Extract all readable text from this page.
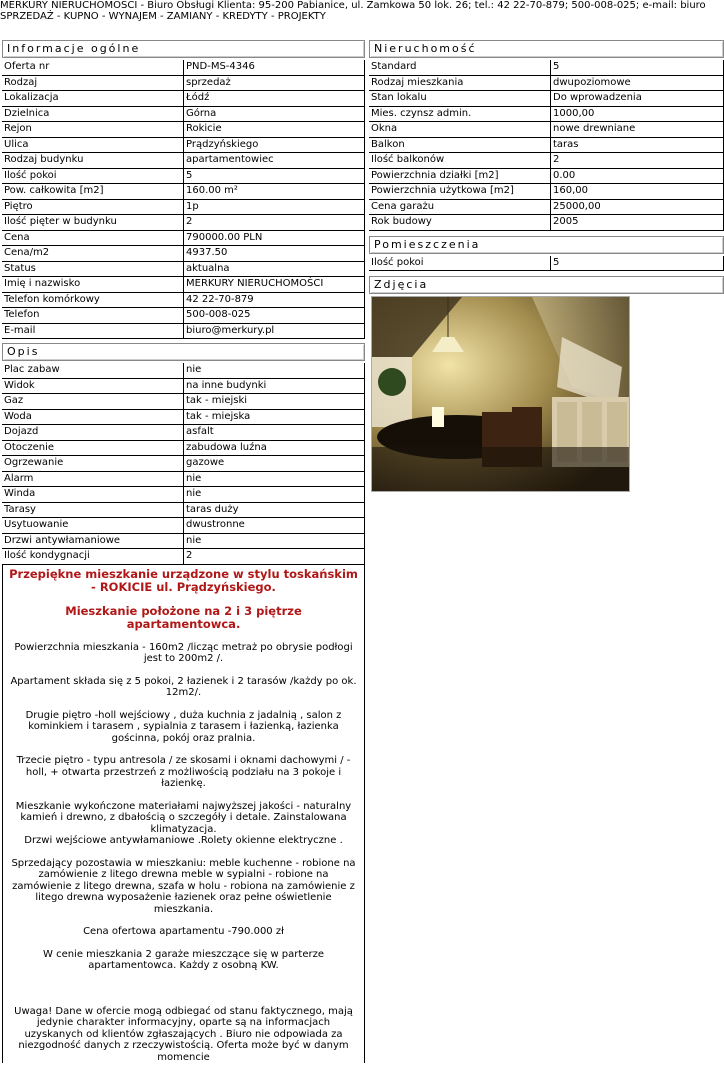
MERKURY NIERUCHOMOŚCI - Biuro Obsługi Klienta: 95-200 Pabianice, ul. Zamkowa 50 lok. 26; tel.: 42 22-70-879; 500-008-025; e-mail: biuro
SPRZEDAŻ - KUPNO - WYNAJEM - ZAMIANY - KREDYTY - PROJEKTY
Informacje ogólne
Oferta nr	PND-MS-4346
Rodzaj	sprzedaż
Lokalizacja	Łódź
Dzielnica	Górna
Rejon	Rokicie
Ulica	Prądzyńskiego
Rodzaj budynku	apartamentowiec
Ilość pokoi	5
Pow. całkowita [m2]	160.00 m²
Piętro	1p
Ilość pięter w budynku	2
Cena	790000.00 PLN
Cena/m2	4937.50
Status	aktualna
Imię i nazwisko	MERKURY NIERUCHOMOŚCI
Telefon komórkowy	42 22-70-879
Telefon	500-008-025
E-mail	biuro@merkury.pl
Opis
Plac zabaw	nie
Widok	na inne budynki
Gaz	tak - miejski
Woda	tak - miejska
Dojazd	asfalt
Otoczenie	zabudowa luźna
Ogrzewanie	gazowe
Alarm	nie
Winda	nie
Tarasy	taras duży
Usytuowanie	dwustronne
Drzwi antywłamaniowe	nie
Ilość kondygnacji	2

Przepiękne mieszkanie urządzone w stylu toskańskim - ROKICIE ul. Prądzyńskiego.

Mieszkanie położone na 2 i 3 piętrze apartamentowca.

Powierzchnia mieszkania - 160m2 /licząc metraż po obrysie podłogi jest to 200m2 /.

Apartament składa się z 5 pokoi, 2 łazienek i 2 tarasów /każdy po ok. 12m2/.

Drugie piętro -holl wejściowy , duża kuchnia z jadalnią , salon z kominkiem i tarasem , sypialnia z tarasem i łazienką, łazienka gościnna, pokój oraz pralnia.

Trzecie piętro - typu antresola / ze skosami i oknami dachowymi / - holl, + otwarta przestrzeń z możliwością podziału na 3 pokoje i łazienkę.

Mieszkanie wykończone materiałami najwyższej jakości - naturalny kamień i drewno, z dbałością o szczegóły i detale. Zainstalowana klimatyzacja.

Drzwi wejściowe antywłamaniowe .Rolety okienne elektryczne .

Sprzedający pozostawia w mieszkaniu: meble kuchenne - robione na zamówienie z litego drewna meble w sypialni - robione na zamówienie z litego drewna, szafa w holu - robiona na zamówienie z litego drewna wyposażenie łazienek oraz pełne oświetlenie mieszkania.

Cena ofertowa apartamentu -790.000 zł

W cenie mieszkania 2 garaże mieszczące się w parterze apartamentowca. Każdy z osobną KW.

Uwaga! Dane w ofercie mogą odbiegać od stanu faktycznego, mają jedynie charakter informacyjny, oparte są na informacjach uzyskanych od klientów zgłaszających . Biuro nie odpowiada za niezgodność danych z rzeczywistością. Oferta może być w danym momencie

Nieruchomość
Standard	5
Rodzaj mieszkania	dwupoziomowe
Stan lokalu	Do wprowadzenia
Mies. czynsz admin.	1000,00
Okna	nowe drewniane
Balkon	taras
Ilość balkonów	2
Powierzchnia działki [m2]	0.00
Powierzchnia użytkowa [m2]	160,00
Cena garażu	25000,00
Rok budowy	2005
Pomieszczenia
Ilość pokoi	5
Zdjęcia
